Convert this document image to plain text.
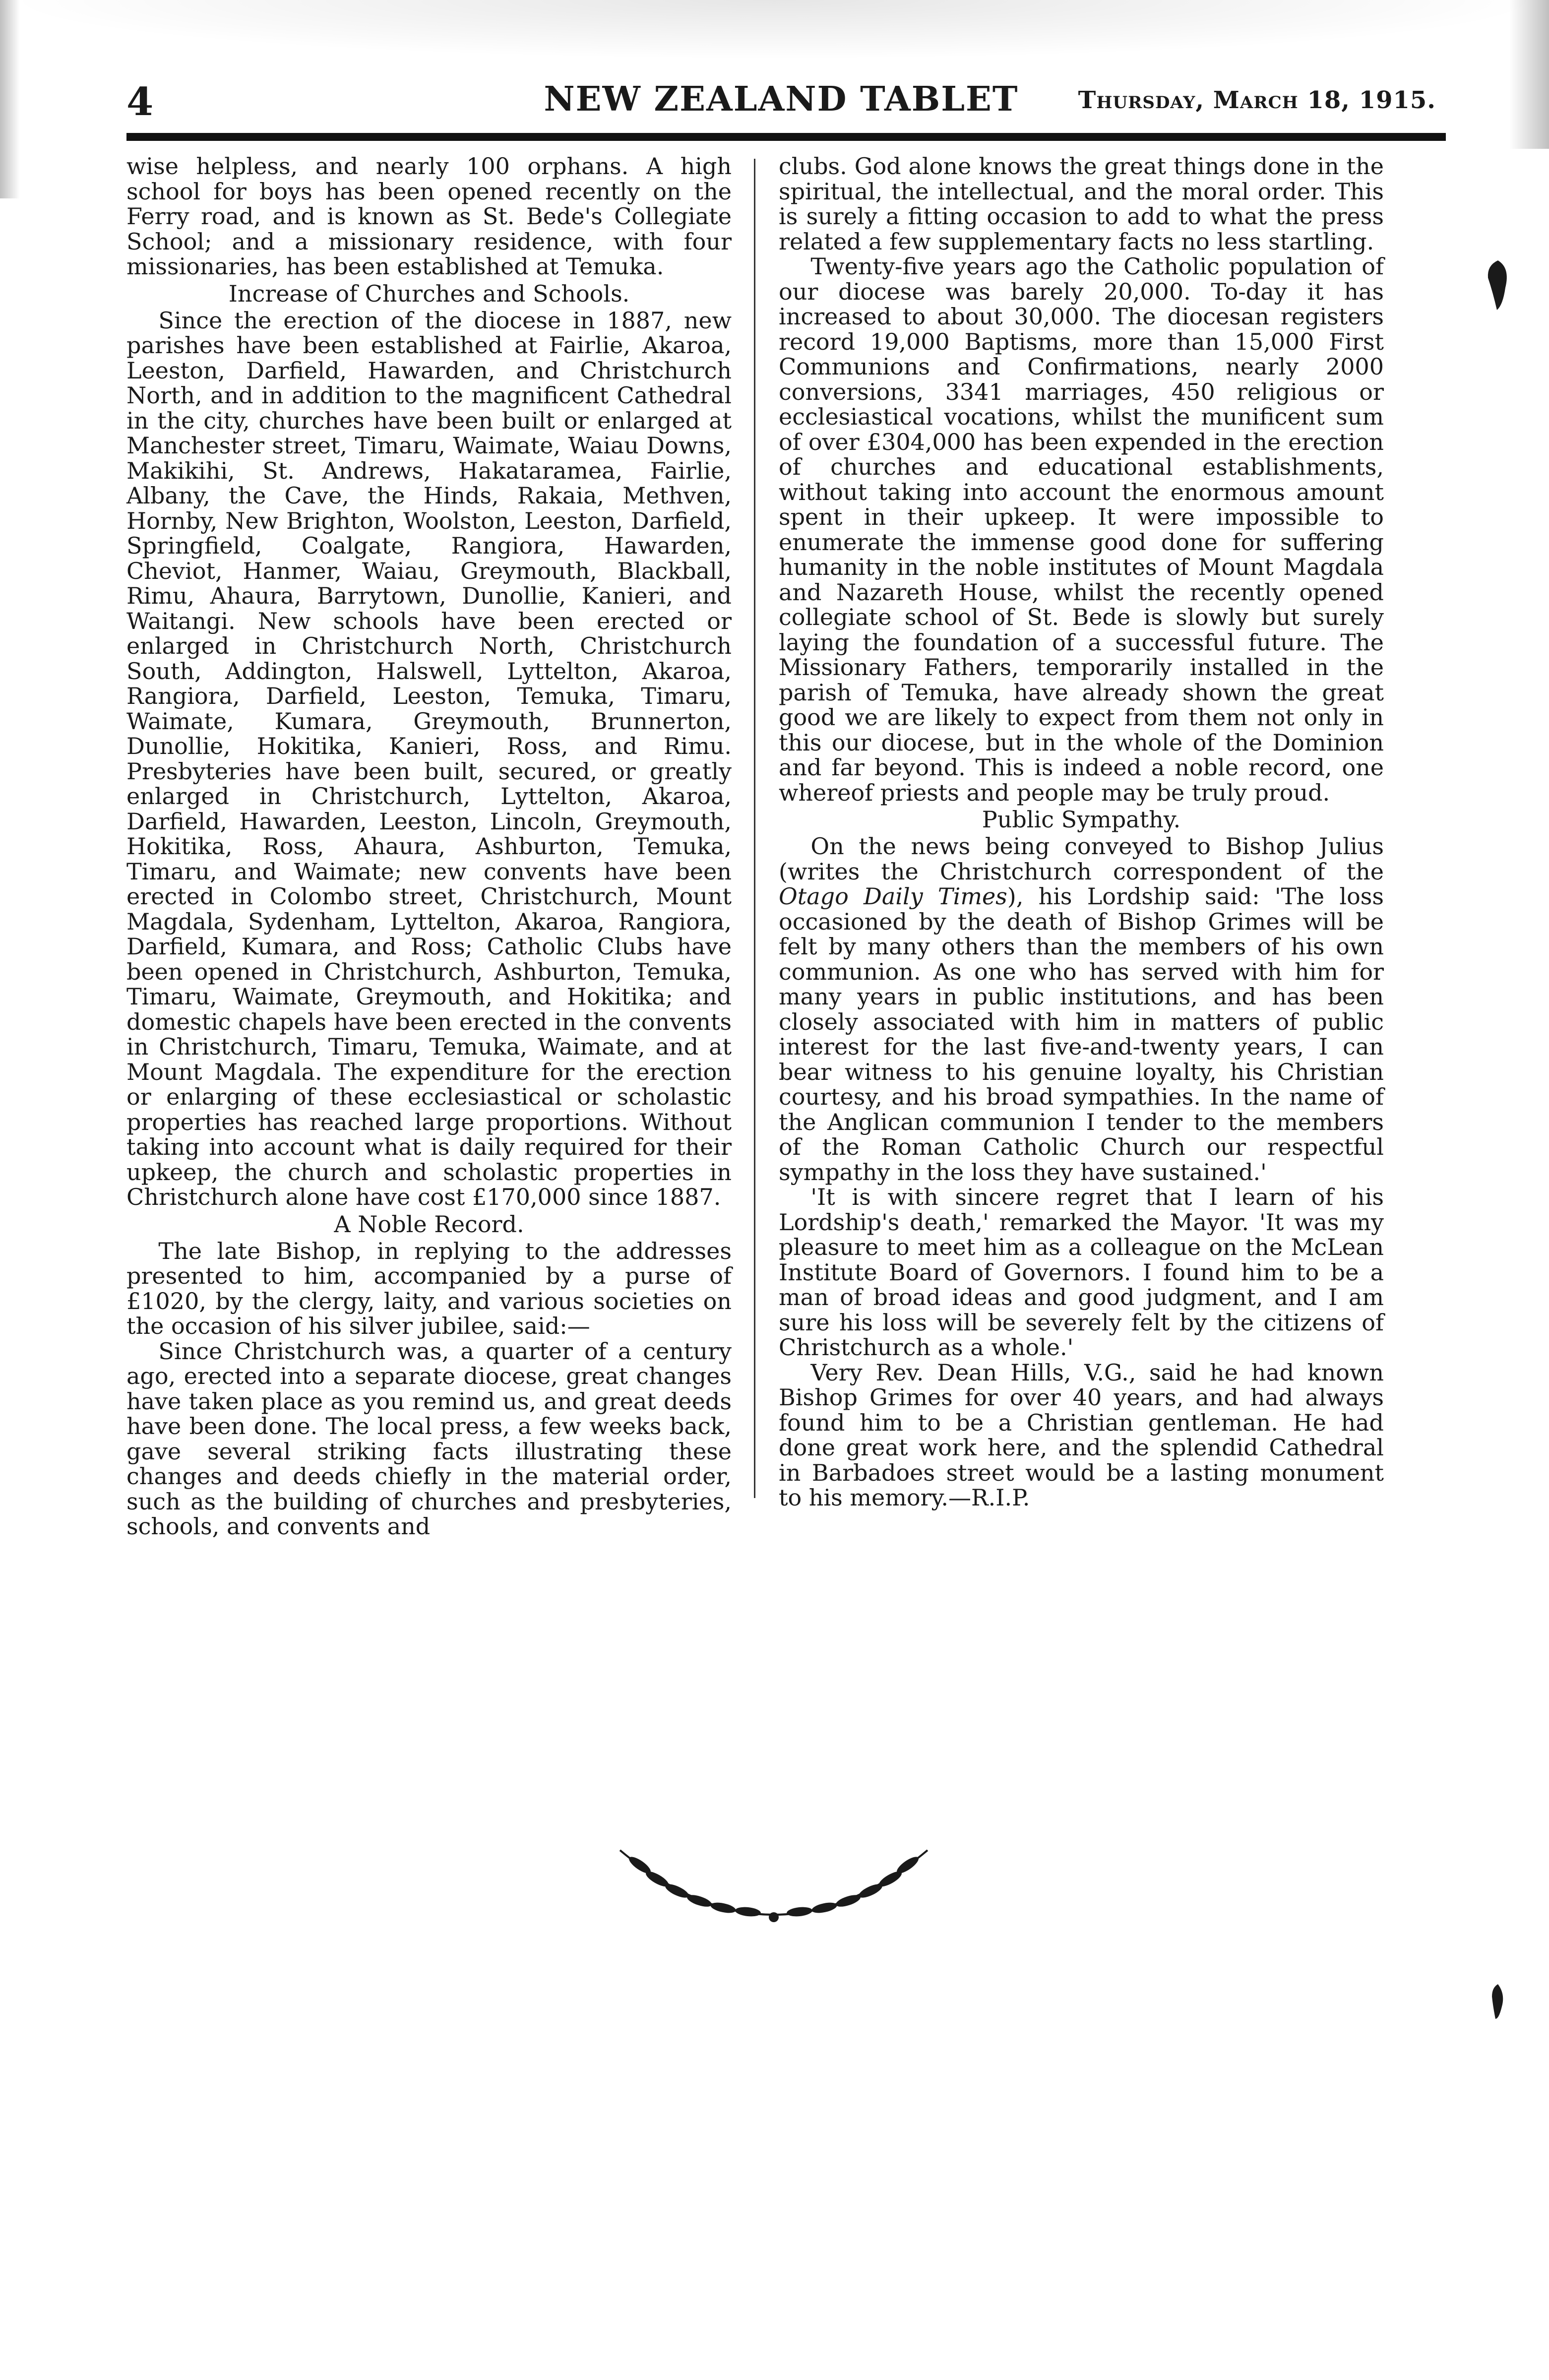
4	NEW ZEALAND TABLET	Thursday, March 18, 1915.

wise helpless, and nearly 100 orphans. A high school for boys has been opened recently on the Ferry road, and is known as St. Bede's Collegiate School; and a missionary residence, with four missionaries, has been established at Temuka.

Increase of Churches and Schools.

Since the erection of the diocese in 1887, new parishes have been established at Fairlie, Akaroa, Leeston, Darfield, Hawarden, and Christchurch North, and in addition to the magnificent Cathedral in the city, churches have been built or enlarged at Manchester street, Timaru, Waimate, Waiau Downs, Makikihi, St. Andrews, Hakataramea, Fairlie, Albany, the Cave, the Hinds, Rakaia, Methven, Hornby, New Brighton, Woolston, Leeston, Darfield, Springfield, Coalgate, Rangiora, Hawarden, Cheviot, Hanmer, Waiau, Greymouth, Blackball, Rimu, Ahaura, Barrytown, Dunollie, Kanieri, and Waitangi. New schools have been erected or enlarged in Christchurch North, Christchurch South, Addington, Halswell, Lyttelton, Akaroa, Rangiora, Darfield, Leeston, Temuka, Timaru, Waimate, Kumara, Greymouth, Brunnerton, Dunollie, Hokitika, Kanieri, Ross, and Rimu. Presbyteries have been built, secured, or greatly enlarged in Christchurch, Lyttelton, Akaroa, Darfield, Hawarden, Leeston, Lincoln, Greymouth, Hokitika, Ross, Ahaura, Ashburton, Temuka, Timaru, and Waimate; new convents have been erected in Colombo street, Christchurch, Mount Magdala, Sydenham, Lyttelton, Akaroa, Rangiora, Darfield, Kumara, and Ross; Catholic Clubs have been opened in Christchurch, Ashburton, Temuka, Timaru, Waimate, Greymouth, and Hokitika; and domestic chapels have been erected in the convents in Christchurch, Timaru, Temuka, Waimate, and at Mount Magdala. The expenditure for the erection or enlarging of these ecclesiastical or scholastic properties has reached large proportions. Without taking into account what is daily required for their upkeep, the church and scholastic properties in Christchurch alone have cost £170,000 since 1887.

A Noble Record.

The late Bishop, in replying to the addresses presented to him, accompanied by a purse of £1020, by the clergy, laity, and various societies on the occasion of his silver jubilee, said:—

Since Christchurch was, a quarter of a century ago, erected into a separate diocese, great changes have taken place as you remind us, and great deeds have been done. The local press, a few weeks back, gave several striking facts illustrating these changes and deeds chiefly in the material order, such as the building of churches and presbyteries, schools, and convents and

clubs. God alone knows the great things done in the spiritual, the intellectual, and the moral order. This is surely a fitting occasion to add to what the press related a few supplementary facts no less startling.

Twenty-five years ago the Catholic population of our diocese was barely 20,000. To-day it has increased to about 30,000. The diocesan registers record 19,000 Baptisms, more than 15,000 First Communions and Confirmations, nearly 2000 conversions, 3341 marriages, 450 religious or ecclesiastical vocations, whilst the munificent sum of over £304,000 has been expended in the erection of churches and educational establishments, without taking into account the enormous amount spent in their upkeep. It were impossible to enumerate the immense good done for suffering humanity in the noble institutes of Mount Magdala and Nazareth House, whilst the recently opened collegiate school of St. Bede is slowly but surely laying the foundation of a successful future. The Missionary Fathers, temporarily installed in the parish of Temuka, have already shown the great good we are likely to expect from them not only in this our diocese, but in the whole of the Dominion and far beyond. This is indeed a noble record, one whereof priests and people may be truly proud.

Public Sympathy.

On the news being conveyed to Bishop Julius (writes the Christchurch correspondent of the Otago Daily Times), his Lordship said: 'The loss occasioned by the death of Bishop Grimes will be felt by many others than the members of his own communion. As one who has served with him for many years in public institutions, and has been closely associated with him in matters of public interest for the last five-and-twenty years, I can bear witness to his genuine loyalty, his Christian courtesy, and his broad sympathies. In the name of the Anglican communion I tender to the members of the Roman Catholic Church our respectful sympathy in the loss they have sustained.'

'It is with sincere regret that I learn of his Lordship's death,' remarked the Mayor. 'It was my pleasure to meet him as a colleague on the McLean Institute Board of Governors. I found him to be a man of broad ideas and good judgment, and I am sure his loss will be severely felt by the citizens of Christchurch as a whole.'

Very Rev. Dean Hills, V.G., said he had known Bishop Grimes for over 40 years, and had always found him to be a Christian gentleman. He had done great work here, and the splendid Cathedral in Barbadoes street would be a lasting monument to his memory.—R.I.P.
